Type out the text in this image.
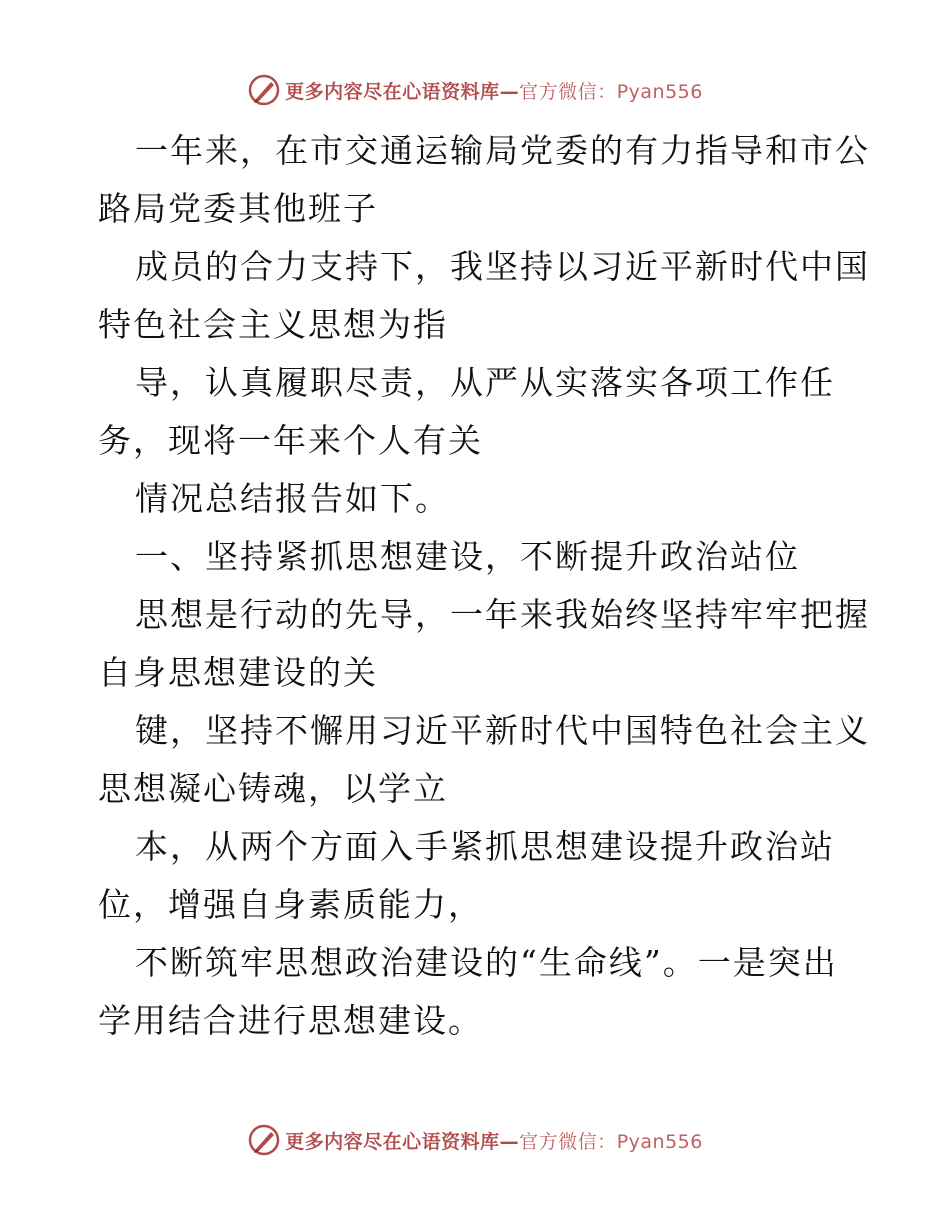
更多内容尽在心语资料库—官方微信：Pyan556
一年来，在市交通运输局党委的有力指导和市公
路局党委其他班子
成员的合力支持下，我坚持以习近平新时代中国
特色社会主义思想为指
导，认真履职尽责，从严从实落实各项工作任
务，现将一年来个人有关
情况总结报告如下。
一、坚持紧抓思想建设，不断提升政治站位
思想是行动的先导，一年来我始终坚持牢牢把握
自身思想建设的关
键，坚持不懈用习近平新时代中国特色社会主义
思想凝心铸魂，以学立
本，从两个方面入手紧抓思想建设提升政治站
位，增强自身素质能力，
不断筑牢思想政治建设的“生命线”。一是突出
学用结合进行思想建设。
更多内容尽在心语资料库—官方微信：Pyan556
